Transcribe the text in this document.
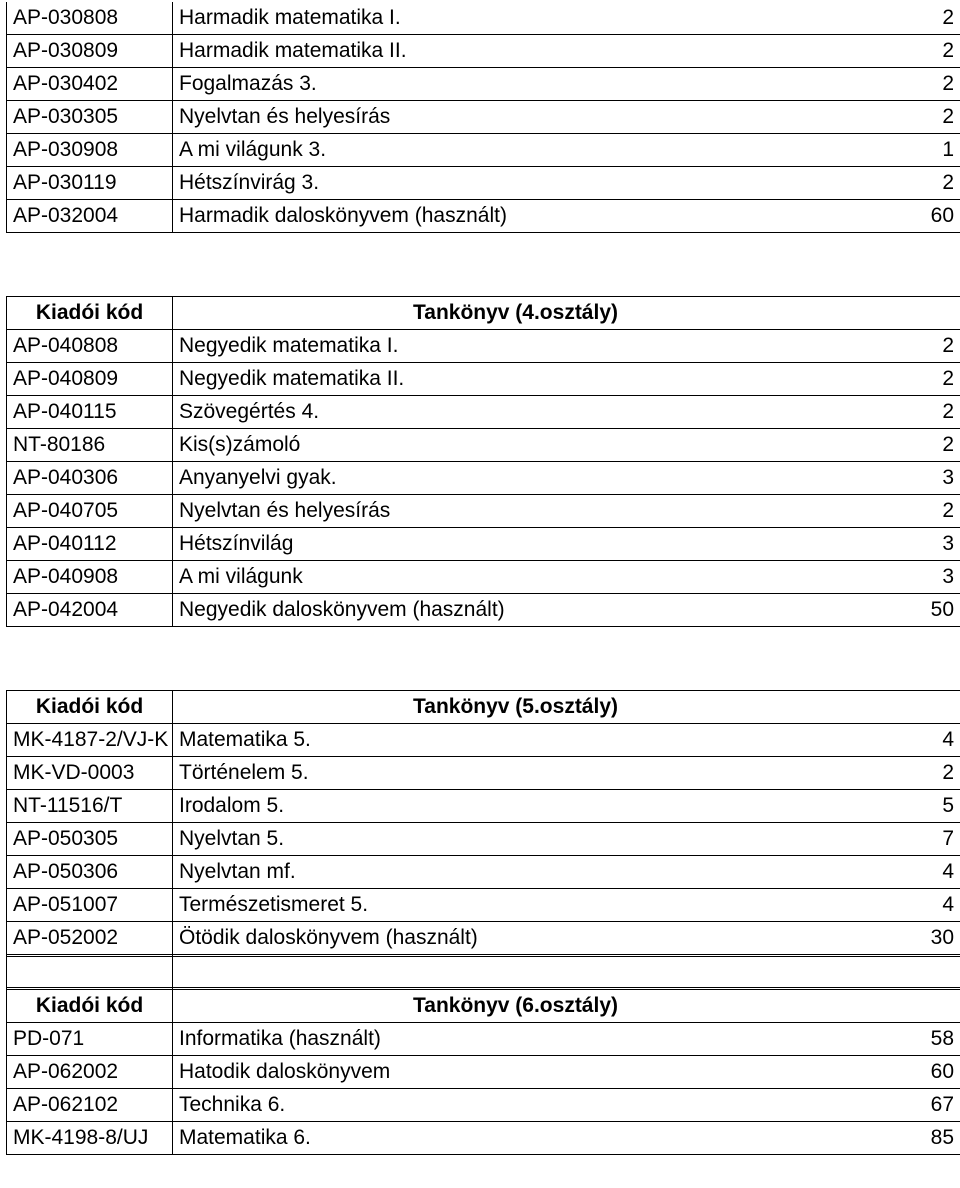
AP-030808	Harmadik matematika I.	2
AP-030809	Harmadik matematika II.	2
AP-030402	Fogalmazás 3.	2
AP-030305	Nyelvtan és helyesírás	2
AP-030908	A mi világunk 3.	1
AP-030119	Hétszínvirág 3.	2
AP-032004	Harmadik daloskönyvem (használt)	60
Kiadói kód	Tankönyv (4.osztály)	
AP-040808	Negyedik matematika I.	2
AP-040809	Negyedik matematika II.	2
AP-040115	Szövegértés 4.	2
NT-80186	Kis(s)zámoló	2
AP-040306	Anyanyelvi gyak.	3
AP-040705	Nyelvtan és helyesírás	2
AP-040112	Hétszínvilág	3
AP-040908	A mi világunk	3
AP-042004	Negyedik daloskönyvem (használt)	50
Kiadói kód	Tankönyv (5.osztály)	
MK-4187-2/VJ-K	Matematika 5.	4
MK-VD-0003	Történelem 5.	2
NT-11516/T	Irodalom 5.	5
AP-050305	Nyelvtan 5.	7
AP-050306	Nyelvtan mf.	4
AP-051007	Természetismeret 5.	4
AP-052002	Ötödik daloskönyvem (használt)	30

Kiadói kód	Tankönyv (6.osztály)	
PD-071	Informatika (használt)	58
AP-062002	Hatodik daloskönyvem	60
AP-062102	Technika 6.	67
MK-4198-8/UJ	Matematika 6.	85
